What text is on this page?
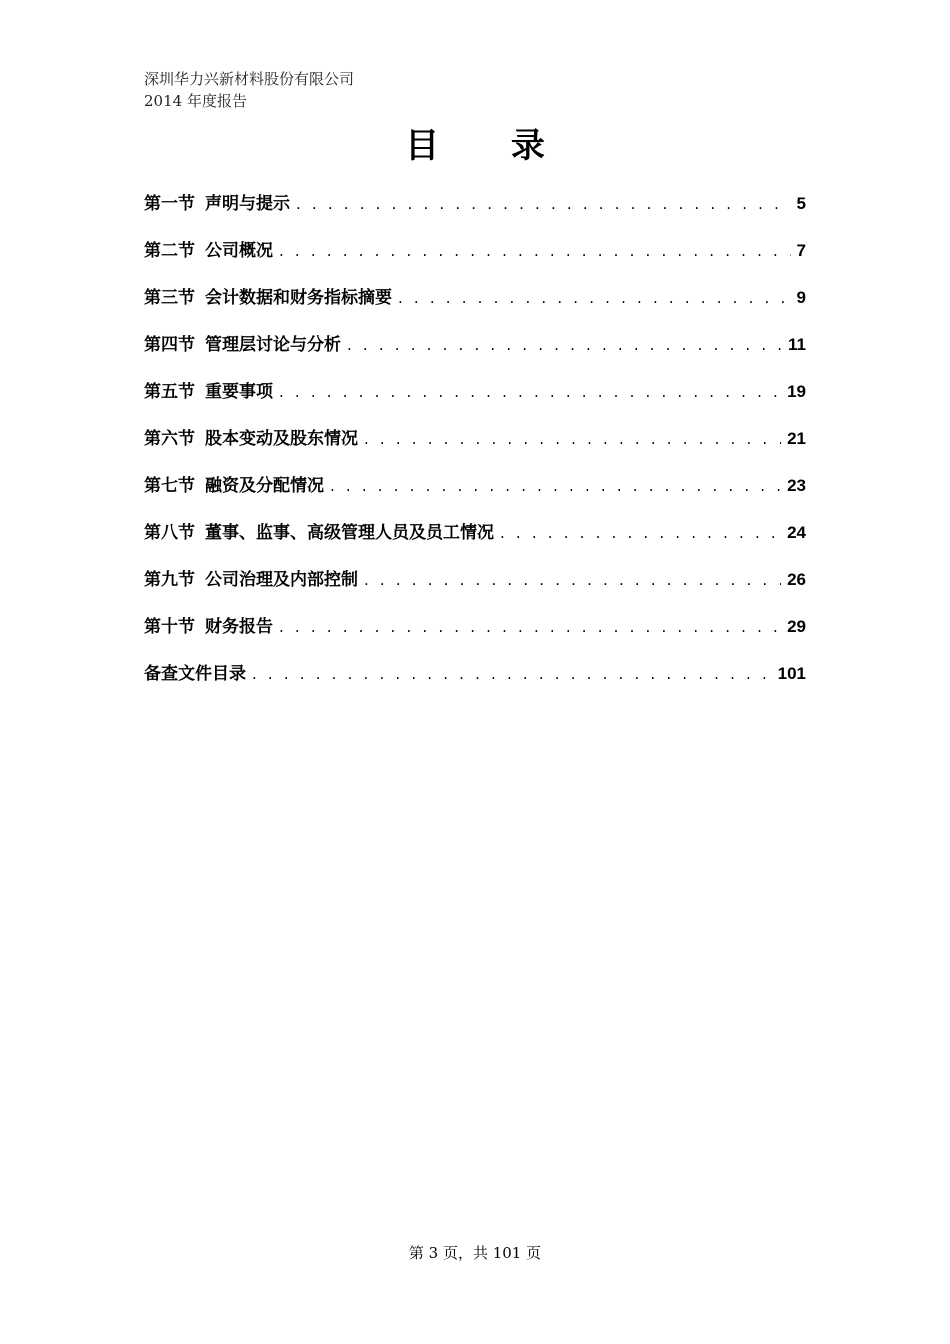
深圳华力兴新材料股份有限公司
2014 年度报告
目 录
第一节 声明与提示 . . .	5
第二节 公司概况 . . .	7
第三节 会计数据和财务指标摘要 . . .	9
第四节 管理层讨论与分析 . . .	11
第五节 重要事项 . . .	19
第六节 股本变动及股东情况 . . .	21
第七节 融资及分配情况 . . .	23
第八节 董事、监事、高级管理人员及员工情况 . . .	24
第九节 公司治理及内部控制 . . .	26
第十节 财务报告 . . .	29
备查文件目录 . . .	101
第 3 页，共 101 页
